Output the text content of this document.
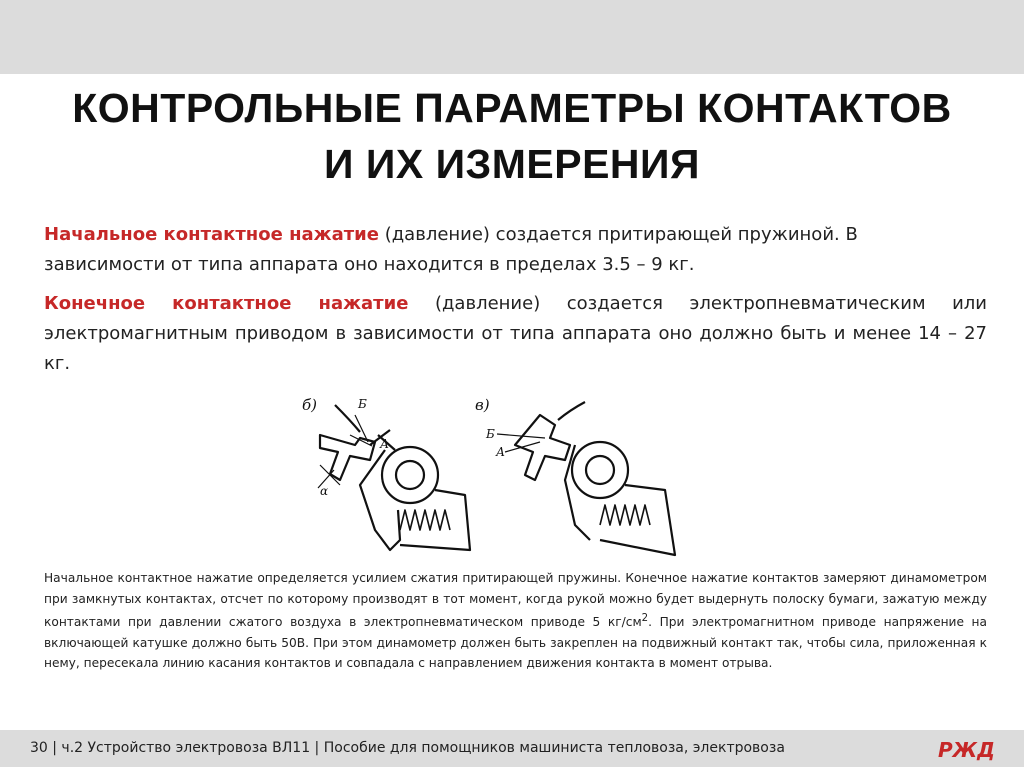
КОНТРОЛЬНЫЕ ПАРАМЕТРЫ КОНТАКТОВ
И ИХ ИЗМЕРЕНИЯ
Начальное контактное нажатие (давление) создается притирающей пружиной. В
зависимости от типа аппарата оно находится в пределах 3.5 – 9 кг.
Конечное контактное нажатие (давление) создается электропневматическим или электромагнитным приводом в зависимости от типа аппарата оно должно быть и менее 14 – 27 кг.
б)
α
Б
А
в)
Б
А
Начальное контактное нажатие определяется усилием сжатия притирающей пружины. Конечное нажатие контактов замеряют динамометром при замкнутых контактах, отсчет по которому производят в тот момент, когда рукой можно будет выдернуть полоску бумаги, зажатую между контактами при давлении сжатого воздуха в электропневматическом приводе 5 $кг/см^2$. При электромагнитном приводе напряжение на включающей катушке должно быть 50В. При этом динамометр должен быть закреплен на подвижный контакт так, чтобы сила, приложенная к нему, пересекала линию касания контактов и совпадала с направлением движения контакта в момент отрыва.
30 | ч.2 Устройство электровоза ВЛ11 | Пособие для помощников машиниста тепловоза, электровоза	РЖД
